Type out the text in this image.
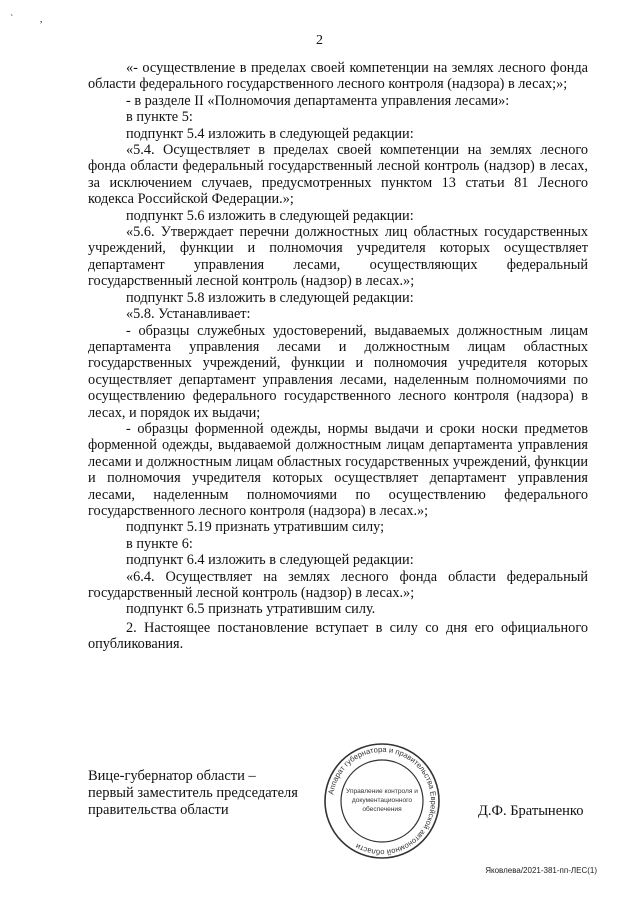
` ,
2

«- осуществление в пределах своей компетенции на землях лесного фонда области федерального государственного лесного контроля (надзора) в лесах;»;

- в разделе II «Полномочия департамента управления лесами»:

в пункте 5:

подпункт 5.4 изложить в следующей редакции:

«5.4. Осуществляет в пределах своей компетенции на землях лесного фонда области федеральный государственный лесной контроль (надзор) в лесах, за исключением случаев, предусмотренных пунктом 13 статьи 81 Лесного кодекса Российской Федерации.»;

подпункт 5.6 изложить в следующей редакции:

«5.6. Утверждает перечни должностных лиц областных государственных учреждений, функции и полномочия учредителя которых осуществляет департамент управления лесами, осуществляющих федеральный государственный лесной контроль (надзор) в лесах.»;

подпункт 5.8 изложить в следующей редакции:

«5.8. Устанавливает:

- образцы служебных удостоверений, выдаваемых должностным лицам департамента управления лесами и должностным лицам областных государственных учреждений, функции и полномочия учредителя которых осуществляет департамент управления лесами, наделенным полномочиями по осуществлению федерального государственного лесного контроля (надзора) в лесах, и порядок их выдачи;

- образцы форменной одежды, нормы выдачи и сроки носки предметов форменной одежды, выдаваемой должностным лицам департамента управления лесами и должностным лицам областных государственных учреждений, функции и полномочия учредителя которых осуществляет департамент управления лесами, наделенным полномочиями по осуществлению федерального государственного лесного контроля (надзора) в лесах.»;

подпункт 5.19 признать утратившим силу;

в пункте 6:

подпункт 6.4 изложить в следующей редакции:

«6.4. Осуществляет на землях лесного фонда области федеральный государственный лесной контроль (надзор) в лесах.»;

подпункт 6.5 признать утратившим силу.

2. Настоящее постановление вступает в силу со дня его официального опубликования.

Вице-губернатор области –
первый заместитель председателя
правительства области
Аппарат губернатора и правительства Еврейской автономной области
Управление контроля и
документационного
обеспечения	Д.Ф. Братыненко
Яковлева/2021-381-пп-ЛЕС(1)
